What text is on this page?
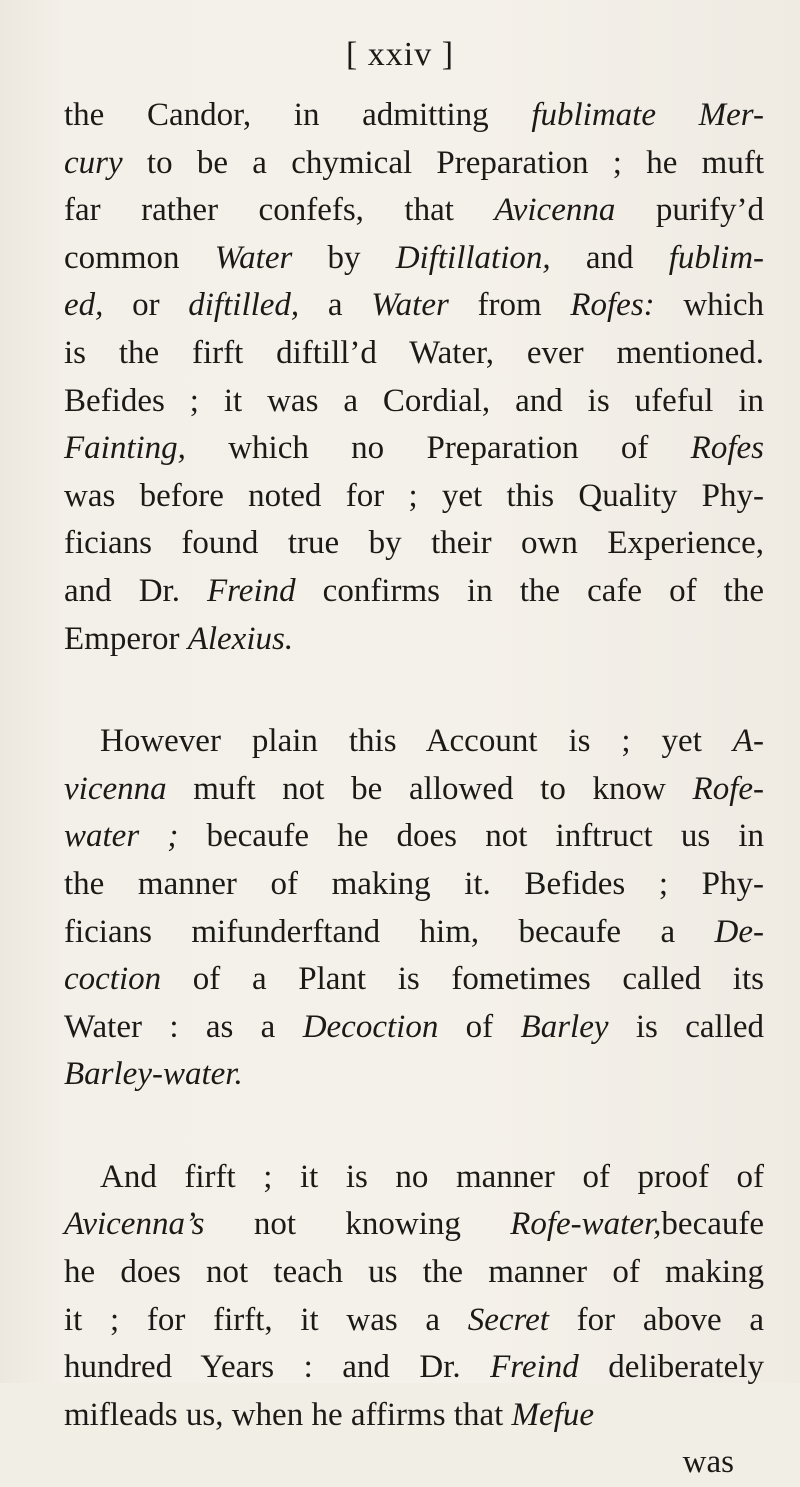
[ xxiv ]
the Candor, in admitting fublimate Mer-
cury to be a chymical Preparation ; he muft
far rather confefs, that Avicenna purify’d
common Water by Diftillation, and fublim-
ed, or diftilled, a Water from Rofes: which
is the firft diftill’d Water, ever mentioned.
Befides ; it was a Cordial, and is ufeful in
Fainting, which no Preparation of Rofes
was before noted for ; yet this Quality Phy-
ficians found true by their own Experience,
and Dr. Freind confirms in the cafe of the
Emperor Alexius.
However plain this Account is ; yet A-
vicenna muft not be allowed to know Rofe-
water ; becaufe he does not inftruct us in
the manner of making it. Befides ; Phy-
ficians mifunderftand him, becaufe a De-
coction of a Plant is fometimes called its
Water : as a Decoction of Barley is called
Barley-water.
And firft ; it is no manner of proof of
Avicenna’s not knowing Rofe-water,becaufe
he does not teach us the manner of making
it ; for firft, it was a Secret for above a
hundred Years : and Dr. Freind deliberately
mifleads us, when he affirms that Mefue
was
